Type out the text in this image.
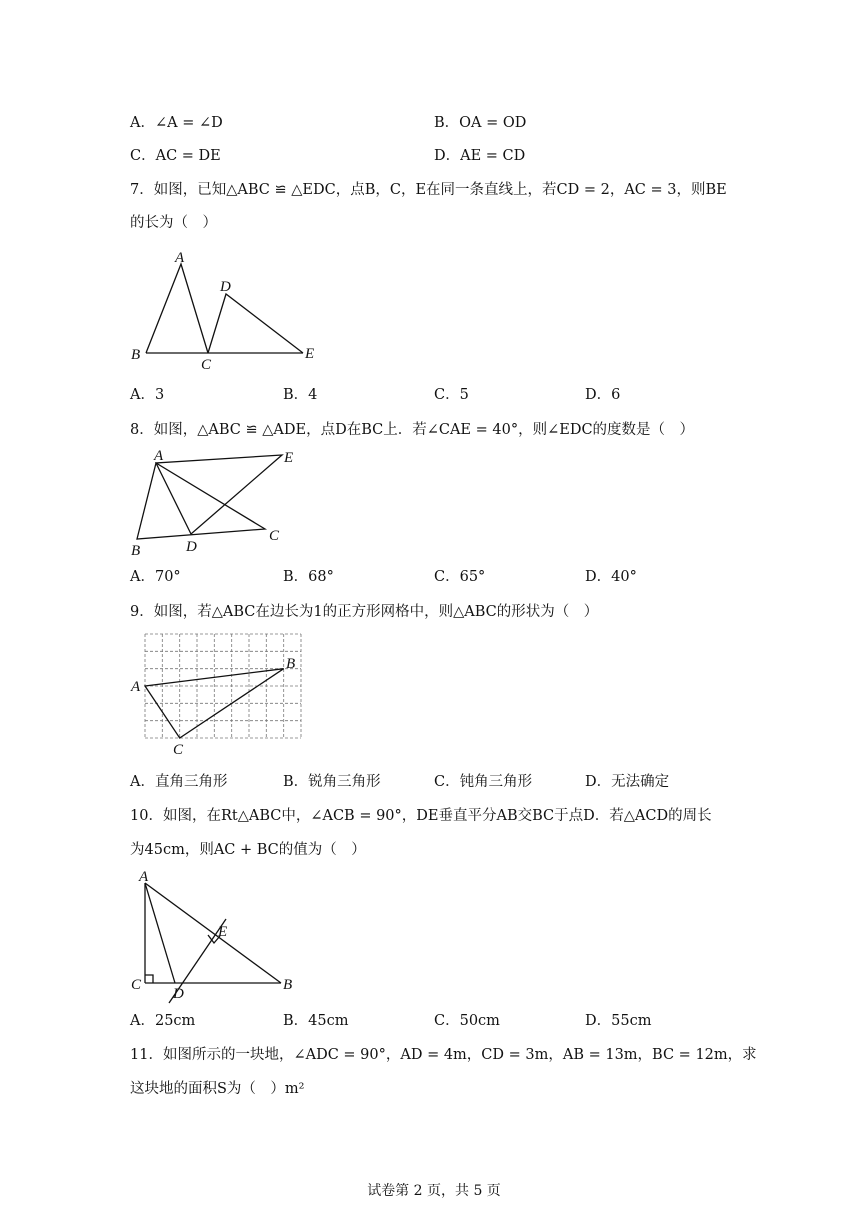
A．∠A = ∠D	B．OA = OD
C．AC = DE	D．AE = CD
7．如图，已知△ABC ≌ △EDC，点B，C，E在同一条直线上，若CD = 2，AC = 3，则BE
的长为（　）
A
B
C
D
E
A．3	B．4	C．5	D．6
8．如图，△ABC ≌ △ADE，点D在BC上．若∠CAE = 40°，则∠EDC的度数是（　）
A
B
C
D
E
A．70°	B．68°	C．65°	D．40°
9．如图，若△ABC在边长为1的正方形网格中，则△ABC的形状为（　）
A
B
C
A．直角三角形	B．锐角三角形	C．钝角三角形	D．无法确定
10．如图，在Rt△ABC中，∠ACB = 90°，DE垂直平分AB交BC于点D．若△ACD的周长
为45cm，则AC + BC的值为（　）
A
B
C
D
E
A．25cm	B．45cm	C．50cm	D．55cm
11．如图所示的一块地，∠ADC = 90°，AD = 4m，CD = 3m，AB = 13m，BC = 12m，求
这块地的面积S为（　）m²
试卷第 2 页，共 5 页
